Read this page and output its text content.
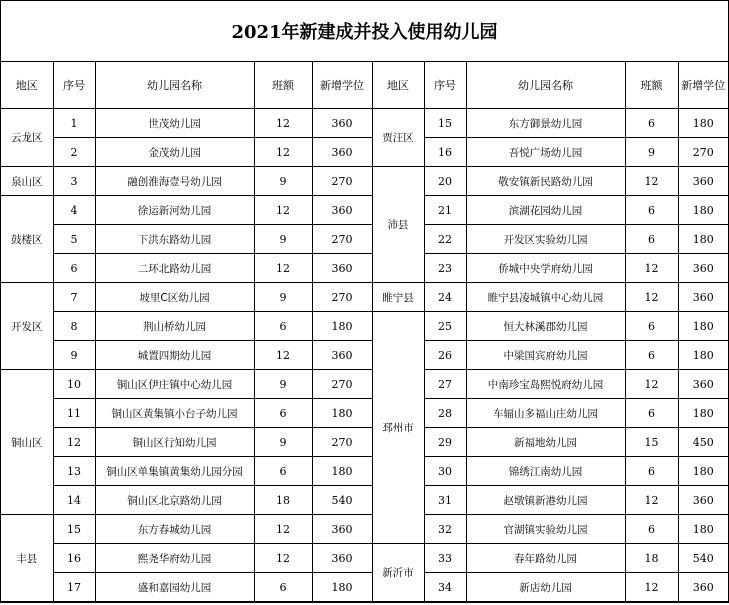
2021年新建成并投入使用幼儿园
地区	序号	幼儿园名称	班额	新增学位	地区	序号	幼儿园名称	班额	新增学位
云龙区	1	世茂幼儿园	12	360	贾汪区	15	东方御景幼儿园	6	180
	2	金茂幼儿园	12	360		16	吾悦广场幼儿园	9	270
泉山区	3	融创淮海壹号幼儿园	9	270	沛县	20	敬安镇新民路幼儿园	12	360
鼓楼区	4	徐运新河幼儿园	12	360		21	滨湖花园幼儿园	6	180
	5	下洪东路幼儿园	9	270		22	开发区实验幼儿园	6	180
	6	二环北路幼儿园	12	360		23	侨城中央学府幼儿园	12	360
开发区	7	坡里C区幼儿园	9	270	睢宁县	24	睢宁县凌城镇中心幼儿园	12	360
	8	荆山桥幼儿园	6	180	邳州市	25	恒大林溪郡幼儿园	6	180
	9	城置四期幼儿园	12	360		26	中梁国宾府幼儿园	6	180
铜山区	10	铜山区伊庄镇中心幼儿园	9	270		27	中南珍宝岛熙悦府幼儿园	12	360
	11	铜山区黄集镇小台子幼儿园	6	180		28	车辐山多福山庄幼儿园	6	180
	12	铜山区行知幼儿园	9	270		29	新福地幼儿园	15	450
	13	铜山区单集镇黄集幼儿园分园	6	180		30	锦绣江南幼儿园	6	180
	14	铜山区北京路幼儿园	18	540		31	赵墩镇新港幼儿园	12	360
丰县	15	东方春城幼儿园	12	360		32	官湖镇实验幼儿园	6	180
	16	熙尧华府幼儿园	12	360	新沂市	33	春年路幼儿园	18	540
	17	盛和嘉园幼儿园	6	180		34	新店幼儿园	12	360
